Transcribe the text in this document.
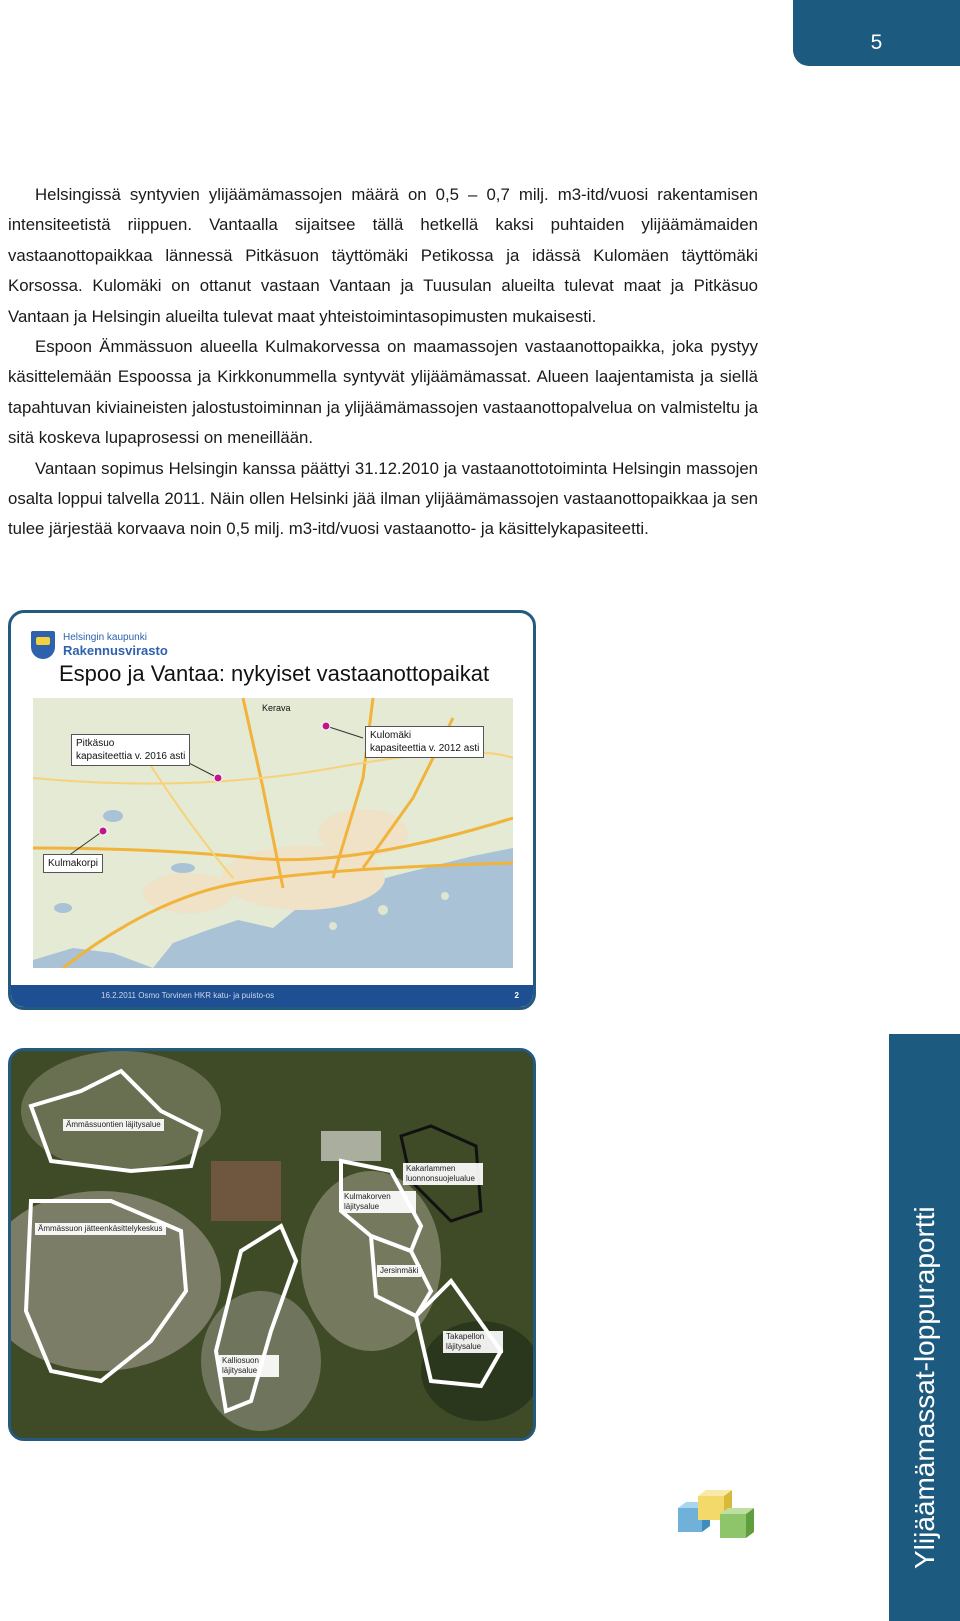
5

Helsingissä syntyvien ylijäämämassojen määrä on 0,5 – 0,7 milj. m3-itd/vuosi rakentamisen intensiteetistä riippuen. Vantaalla sijaitsee tällä hetkellä kaksi puhtaiden ylijäämämaiden vastaanottopaikkaa lännessä Pitkäsuon täyttömäki Petikossa ja idässä Kulomäen täyttömäki Korsossa. Kulomäki on ottanut vastaan Vantaan ja Tuusulan alueilta tulevat maat ja Pitkäsuo Vantaan ja Helsingin alueilta tulevat maat yhteistoimintasopimusten mukaisesti.

Espoon Ämmässuon alueella Kulmakorvessa on maamassojen vastaanottopaikka, joka pystyy käsittelemään Espoossa ja Kirkkonummella syntyvät ylijäämämassat. Alueen laajentamista ja siellä tapahtuvan kiviaineisten jalostustoiminnan ja ylijäämämassojen vastaanottopalvelua on valmisteltu ja sitä koskeva lupaprosessi on meneillään.

Vantaan sopimus Helsingin kanssa päättyi 31.12.2010 ja vastaanottotoiminta Helsingin massojen osalta loppui talvella 2011. Näin ollen Helsinki jää ilman ylijäämämassojen vastaanottopaikkaa ja sen tulee järjestää korvaava noin 0,5 milj. m3-itd/vuosi vastaanotto- ja käsittelykapasiteetti.

Helsingin kaupunki
Rakennusvirasto
Espoo ja Vantaa: nykyiset vastaanottopaikat
Kerava
Pitkäsuo
kapasiteettia v. 2016 asti
Kulomäki
kapasiteettia v. 2012 asti
Kulmakorpi
16.2.2011 Osmo Torvinen HKR katu- ja puisto-os	2
Ämmässuontien läjitysalue
Ämmässuon jätteenkäsittelykeskus
Kakarlammen luonnonsuojelualue
Kulmakorven läjitysalue
Jersinmäki
Takapellon läjitysalue
Kalliosuon läjitysalue	Ylijäämämassat-loppuraportti
